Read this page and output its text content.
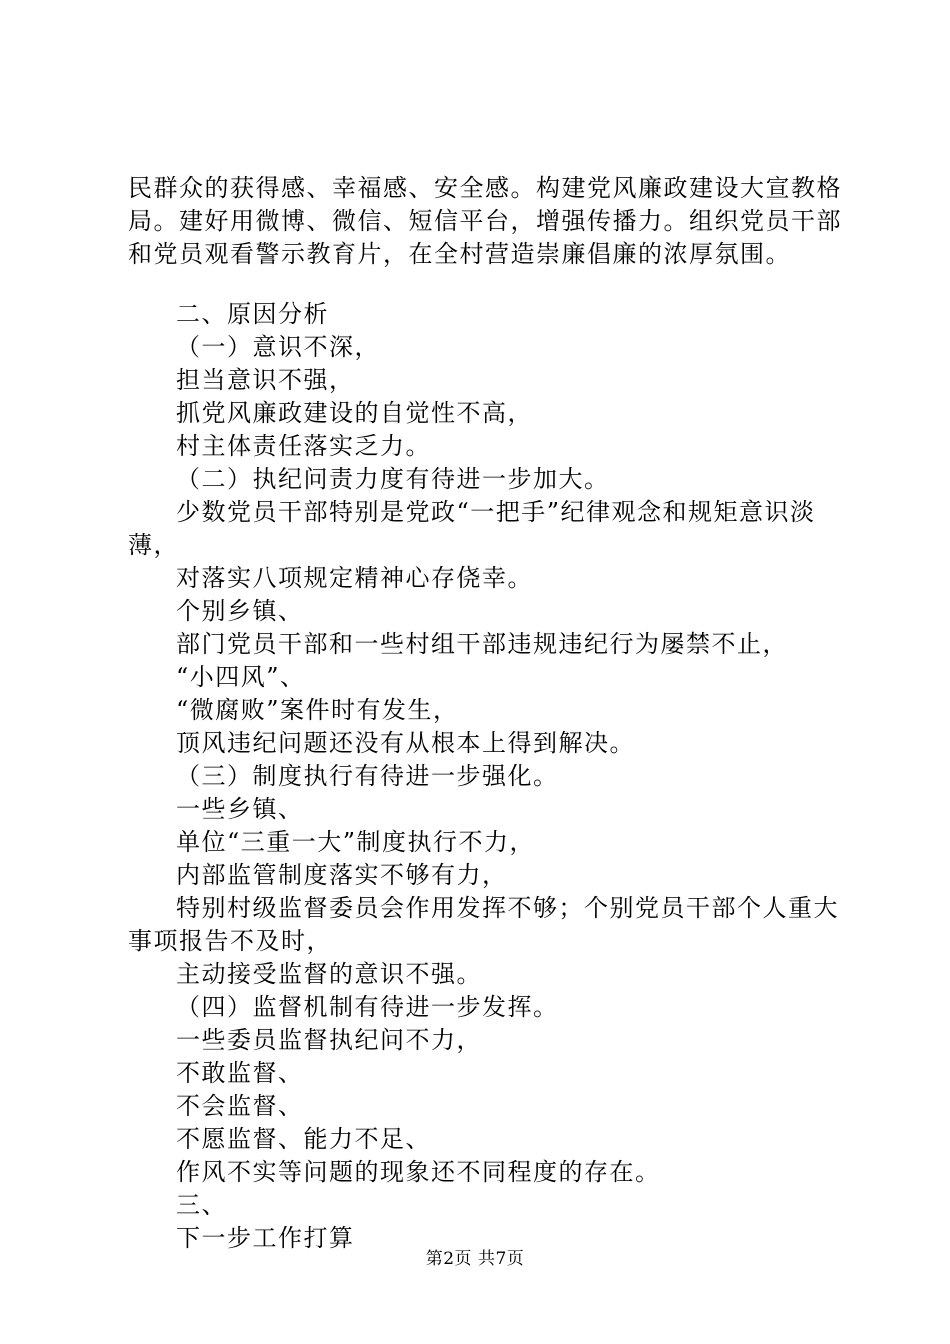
民群众的获得感、幸福感、安全感。构建党风廉政建设大宣教格局。建好用微博、微信、短信平台，增强传播力。组织党员干部和党员观看警示教育片，在全村营造崇廉倡廉的浓厚氛围。

二、原因分析

（一）意识不深，

担当意识不强，

抓党风廉政建设的自觉性不高，

村主体责任落实乏力。

（二）执纪问责力度有待进一步加大。

少数党员干部特别是党政“一把手”纪律观念和规矩意识淡薄，

对落实八项规定精神心存侥幸。

个别乡镇、

部门党员干部和一些村组干部违规违纪行为屡禁不止，

“小四风”、

“微腐败”案件时有发生，

顶风违纪问题还没有从根本上得到解决。

（三）制度执行有待进一步强化。

一些乡镇、

单位“三重一大”制度执行不力，

内部监管制度落实不够有力，

特别村级监督委员会作用发挥不够；个别党员干部个人重大事项报告不及时，

主动接受监督的意识不强。

（四）监督机制有待进一步发挥。

一些委员监督执纪问不力，

不敢监督、

不会监督、

不愿监督、能力不足、

作风不实等问题的现象还不同程度的存在。

三、

下一步工作打算

第2页 共7页
